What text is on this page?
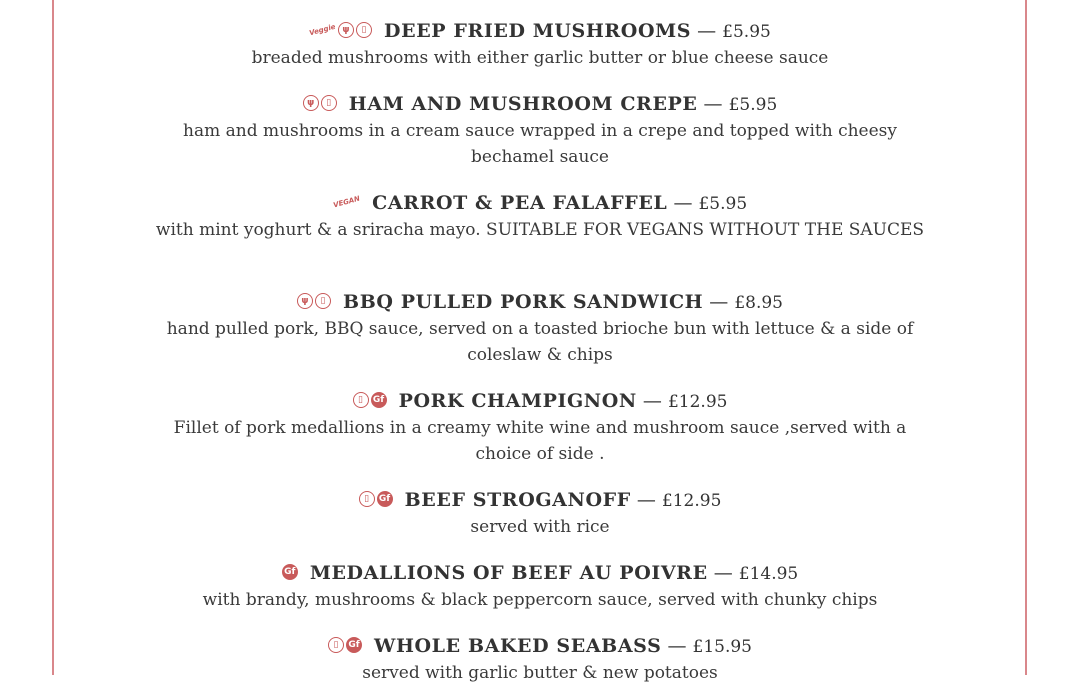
Veggie ψ	▯ DEEP FRIED MUSHROOMS — £5.95
breaded mushrooms with either garlic butter or blue cheese sauce
ψ	▯ HAM AND MUSHROOM CREPE — £5.95
ham and mushrooms in a cream sauce wrapped in a crepe and topped with cheesy bechamel sauce
VEGAN CARROT & PEA FALAFFEL — £5.95
with mint yoghurt & a sriracha mayo. SUITABLE FOR VEGANS WITHOUT THE SAUCES
ψ	▯ BBQ PULLED PORK SANDWICH — £8.95
hand pulled pork, BBQ sauce, served on a toasted brioche bun with lettuce & a side of coleslaw & chips
▯	Gf PORK CHAMPIGNON — £12.95
Fillet of pork medallions in a creamy white wine and mushroom sauce ,served with a choice of side .
▯	Gf BEEF STROGANOFF — £12.95
served with rice
Gf MEDALLIONS OF BEEF AU POIVRE — £14.95
with brandy, mushrooms & black peppercorn sauce, served with chunky chips
▯	Gf WHOLE BAKED SEABASS — £15.95
served with garlic butter & new potatoes
